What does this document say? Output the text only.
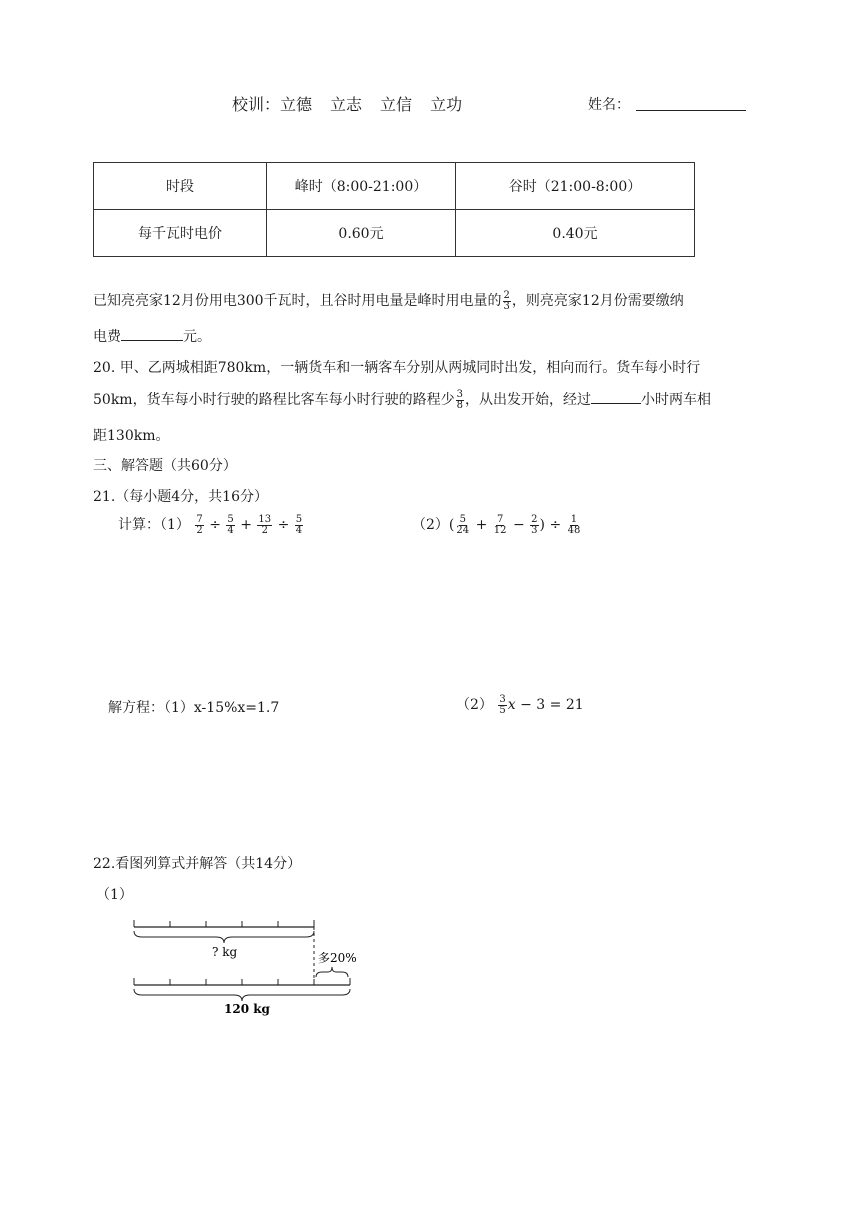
校训：立德 立志 立信 立功	姓名：
时段	峰时（8:00-21:00）	谷时（21:00-8:00）
每千瓦时电价	0.60元	0.40元
已知亮亮家12月份用电300千瓦时，且谷时用电量是峰时用电量的 $\frac{2}{3}$ ，则亮亮家12月份需要缴纳
电费	元。
20. 甲、乙两城相距780km，一辆货车和一辆客车分别从两城同时出发，相向而行。货车每小时行
50km，货车每小时行驶的路程比客车每小时行驶的路程少 $\frac{3}{8}$ ，从出发开始，经过	小时两车相
距130km。
三、解答题（共60分）
21.（每小题4分，共16分）
计算：$(1) \frac{7}{2} \div \frac{5}{4} + \frac{13}{2} \div \frac{5}{4}$	$(2)( \frac{5}{24} + \frac{7}{12} - \frac{2}{3}$ ) ÷ $\frac{1}{48}$
解方程：（1）x-15%x=1.7	$(2) \frac{3}{5}$ x − 3 = 21
22.看图列算式并解答（共14分）
（1）
? kg	多20%
120 kg
